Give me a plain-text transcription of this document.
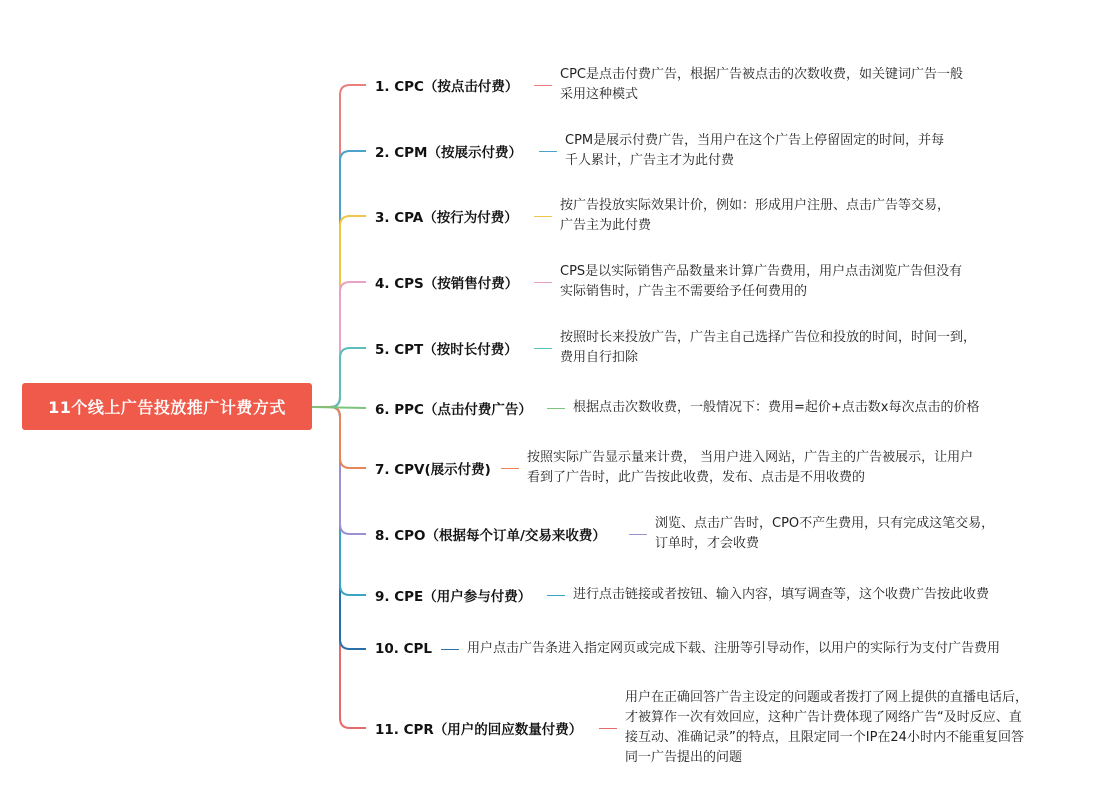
11个线上广告投放推广计费方式
1. CPC（按点击付费）
CPC是点击付费广告，根据广告被点击的次数收费，如关键词广告一般
采用这种模式
2. CPM（按展示付费）
CPM是展示付费广告，当用户在这个广告上停留固定的时间，并每
千人累计，广告主才为此付费
3. CPA（按行为付费）
按广告投放实际效果计价，例如：形成用户注册、点击广告等交易，
广告主为此付费
4. CPS（按销售付费）
CPS是以实际销售产品数量来计算广告费用，用户点击浏览广告但没有
实际销售时，广告主不需要给予任何费用的
5. CPT（按时长付费）
按照时长来投放广告，广告主自己选择广告位和投放的时间，时间一到，
费用自行扣除
6. PPC（点击付费广告）	根据点击次数收费，一般情况下：费用=起价+点击数x每次点击的价格
7. CPV(展示付费)
按照实际广告显示量来计费， 当用户进入网站，广告主的广告被展示，让用户
看到了广告时，此广告按此收费，发布、点击是不用收费的
8. CPO（根据每个订单/交易来收费）
浏览、点击广告时，CPO不产生费用，只有完成这笔交易，
订单时，才会收费
9. CPE（用户参与付费）	进行点击链接或者按钮、输入内容，填写调查等，这个收费广告按此收费
10. CPL	用户点击广告条进入指定网页或完成下载、注册等引导动作，以用户的实际行为支付广告费用
11. CPR（用户的回应数量付费）
用户在正确回答广告主设定的问题或者拨打了网上提供的直播电话后，
才被算作一次有效回应，这种广告计费体现了网络广告“及时反应、直
接互动、准确记录”的特点，且限定同一个IP在24小时内不能重复回答
同一广告提出的问题
